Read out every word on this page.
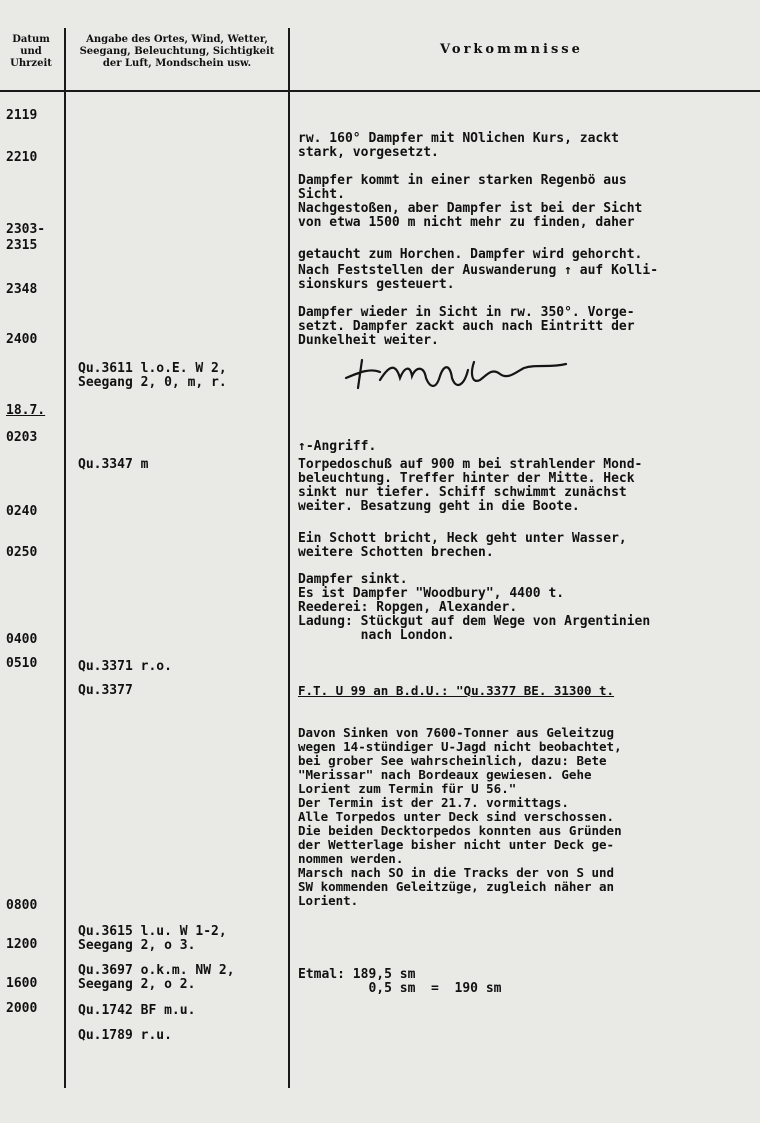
Datum
und
Uhrzeit
Angabe des Ortes, Wind, Wetter,
Seegang, Beleuchtung, Sichtigkeit
der Luft, Mondschein usw.
Vorkommnisse
2119
2210
2303-
2315
2348
2400
18.7.
0203
0240
0250
0400
0510
0800
1200
1600
2000

Qu.3611 l.o.E. W 2,
Seegang 2, 0, m, r.

Qu.3347 m

Qu.3371 r.o.

Qu.3377

Qu.3615 l.u. W 1-2,
Seegang 2, o 3.

Qu.3697 o.k.m. NW 2,
Seegang 2, o 2.

Qu.1742 BF m.u.

Qu.1789 r.u.

rw. 160° Dampfer mit NOlichen Kurs, zackt
stark, vorgesetzt.

Dampfer kommt in einer starken Regenbö aus
Sicht.
Nachgestoßen, aber Dampfer ist bei der Sicht
von etwa 1500 m nicht mehr zu finden, daher

getaucht zum Horchen. Dampfer wird gehorcht.

Nach Feststellen der Auswanderung ↑ auf Kolli-
sionskurs gesteuert.

Dampfer wieder in Sicht in rw. 350°. Vorge-
setzt. Dampfer zackt auch nach Eintritt der
Dunkelheit weiter.

↑-Angriff.

Torpedoschuß auf 900 m bei strahlender Mond-
beleuchtung. Treffer hinter der Mitte. Heck
sinkt nur tiefer. Schiff schwimmt zunächst
weiter. Besatzung geht in die Boote.

Ein Schott bricht, Heck geht unter Wasser,
weitere Schotten brechen.

Dampfer sinkt.
Es ist Dampfer "Woodbury", 4400 t.
Reederei: Ropgen, Alexander.
Ladung: Stückgut auf dem Wege von Argentinien
nach London.

F.T. U 99 an B.d.U.: "Qu.3377 BE. 31300 t.

Davon Sinken von 7600-Tonner aus Geleitzug
wegen 14-stündiger U-Jagd nicht beobachtet,
bei grober See wahrscheinlich, dazu: Bete
"Merissar" nach Bordeaux gewiesen. Gehe
Lorient zum Termin für U 56."
Der Termin ist der 21.7. vormittags.
Alle Torpedos unter Deck sind verschossen.
Die beiden Decktorpedos konnten aus Gründen
der Wetterlage bisher nicht unter Deck ge-
nommen werden.
Marsch nach SO in die Tracks der von S und
SW kommenden Geleitzüge, zugleich näher an
Lorient.

Etmal: 189,5 sm
0,5 sm  =  190 sm
